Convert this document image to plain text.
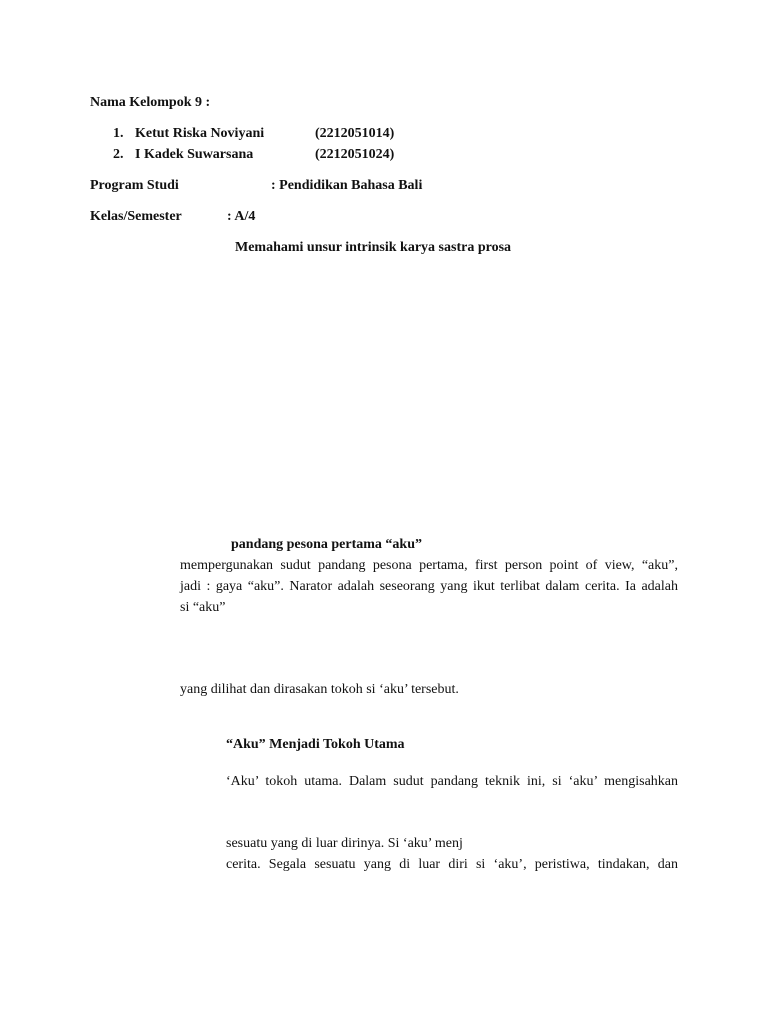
Nama Kelompok 9 :
1. Ketut Riska Noviyani	(2212051014)
2. I Kadek Suwarsana	(2212051024)
Program Studi	: Pendidikan Bahasa Bali
Kelas/Semester	: A/4
Memahami unsur intrinsik karya sastra prosa
pandang pesona pertama “aku”
mempergunakan sudut pandang pesona pertama, first person point of view, “aku”,
jadi : gaya “aku”. Narator adalah seseorang yang ikut terlibat dalam cerita. Ia adalah
si “aku”
yang dilihat dan dirasakan tokoh si ‘aku’ tersebut.
“Aku” Menjadi Tokoh Utama
‘Aku’ tokoh utama. Dalam sudut pandang teknik ini, si ‘aku’ mengisahkan
sesuatu yang di luar dirinya. Si ‘aku’ menj
cerita. Segala sesuatu yang di luar diri si ‘aku’, peristiwa, tindakan, dan
